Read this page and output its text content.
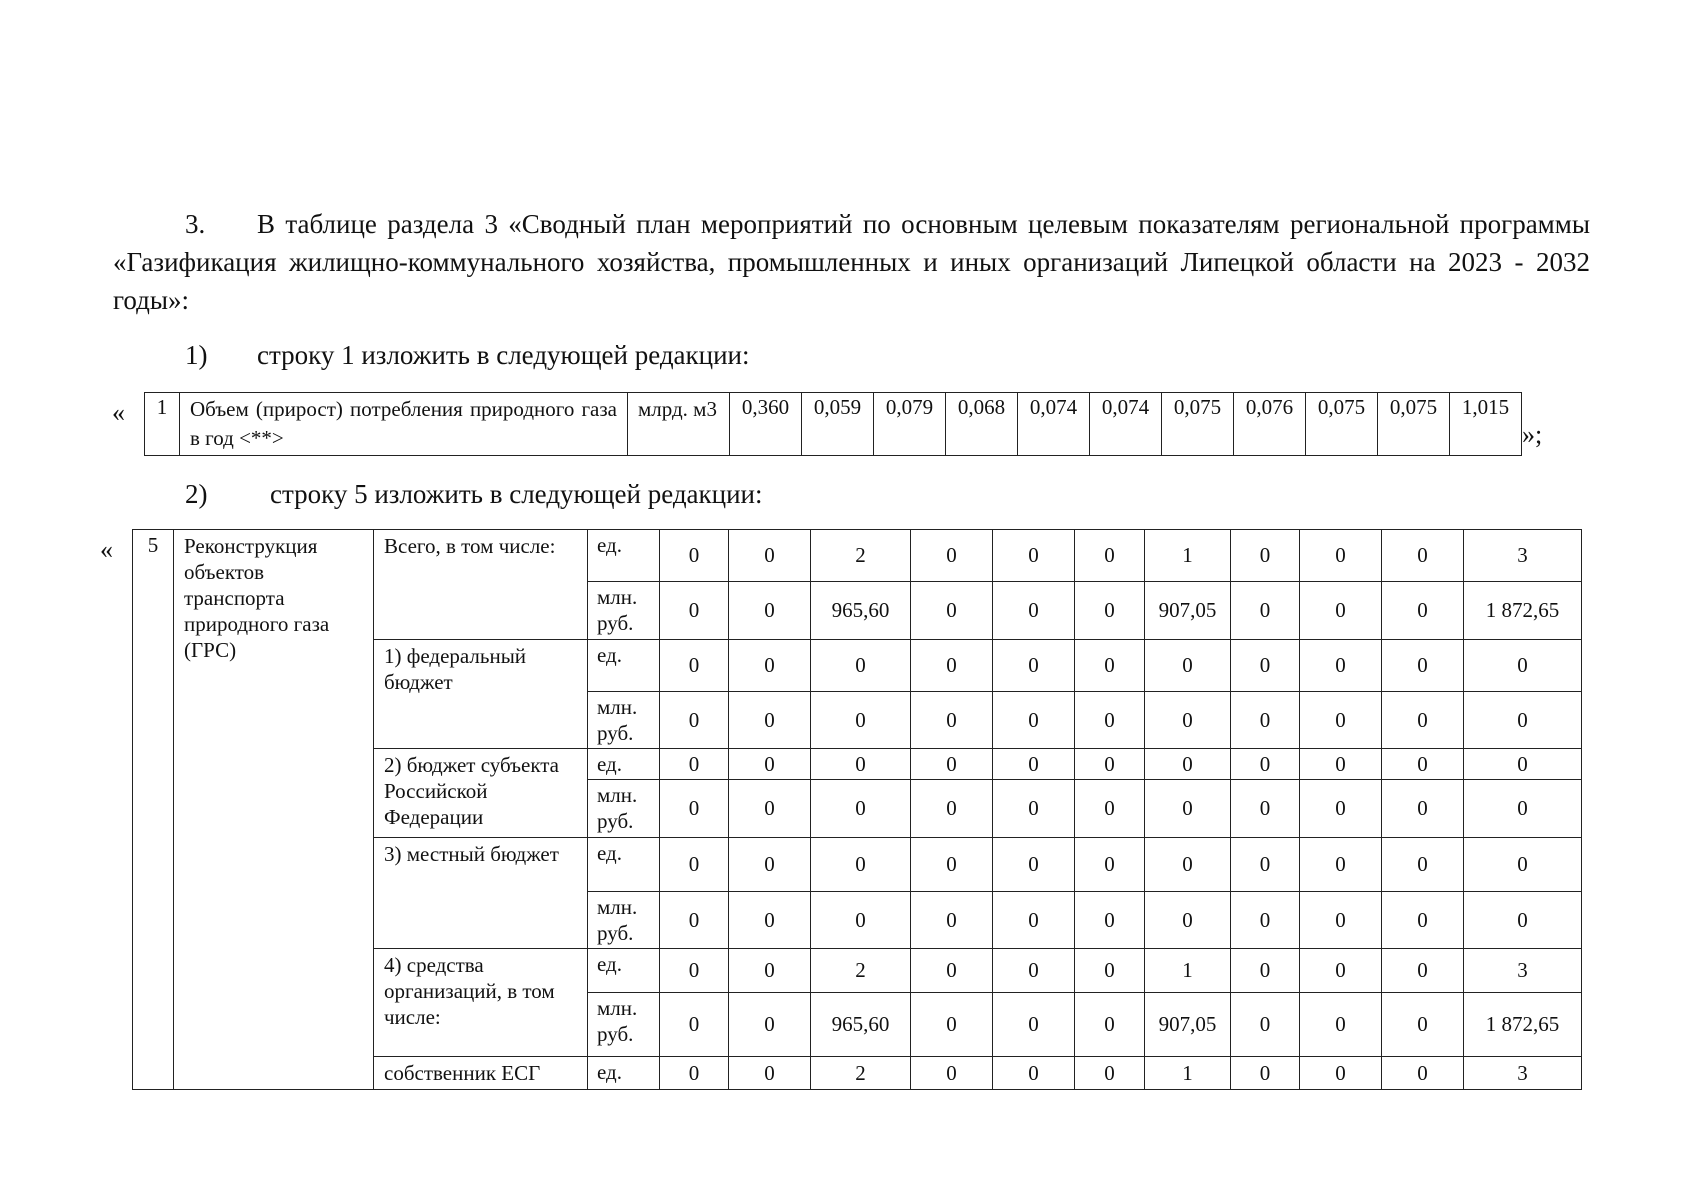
3. В таблице раздела 3 «Сводный план мероприятий по основным целевым показателям региональной программы «Газификация жилищно-коммунального хозяйства, промышленных и иных организаций Липецкой области на 2023 - 2032 годы»:
1) строку 1 изложить в следующей редакции:
« 1	Объем (прирост) потребления природного газа в год <**>	млрд. м3	0,360	0,059	0,079	0,068	0,074	0,074	0,075	0,076	0,075	0,075	1,015
»;
2) строку 5 изложить в следующей редакции:
« 5	Реконструкция объектов транспорта природного газа (ГРС)	Всего, в том числе:	ед.	0	0	2	0	0	0	1	0	0	0	3
			млн. руб.	0	0	965,60	0	0	0	907,05	0	0	0	1 872,65
		1) федеральный бюджет	ед.	0	0	0	0	0	0	0	0	0	0	0
			млн. руб.	0	0	0	0	0	0	0	0	0	0	0
		2) бюджет субъекта Российской Федерации	ед.	0	0	0	0	0	0	0	0	0	0	0
			млн. руб.	0	0	0	0	0	0	0	0	0	0	0
		3) местный бюджет	ед.	0	0	0	0	0	0	0	0	0	0	0
			млн. руб.	0	0	0	0	0	0	0	0	0	0	0
		4) средства организаций, в том числе:	ед.	0	0	2	0	0	0	1	0	0	0	3
			млн. руб.	0	0	965,60	0	0	0	907,05	0	0	0	1 872,65
		собственник ЕСГ	ед.	0	0	2	0	0	0	1	0	0	0	3
